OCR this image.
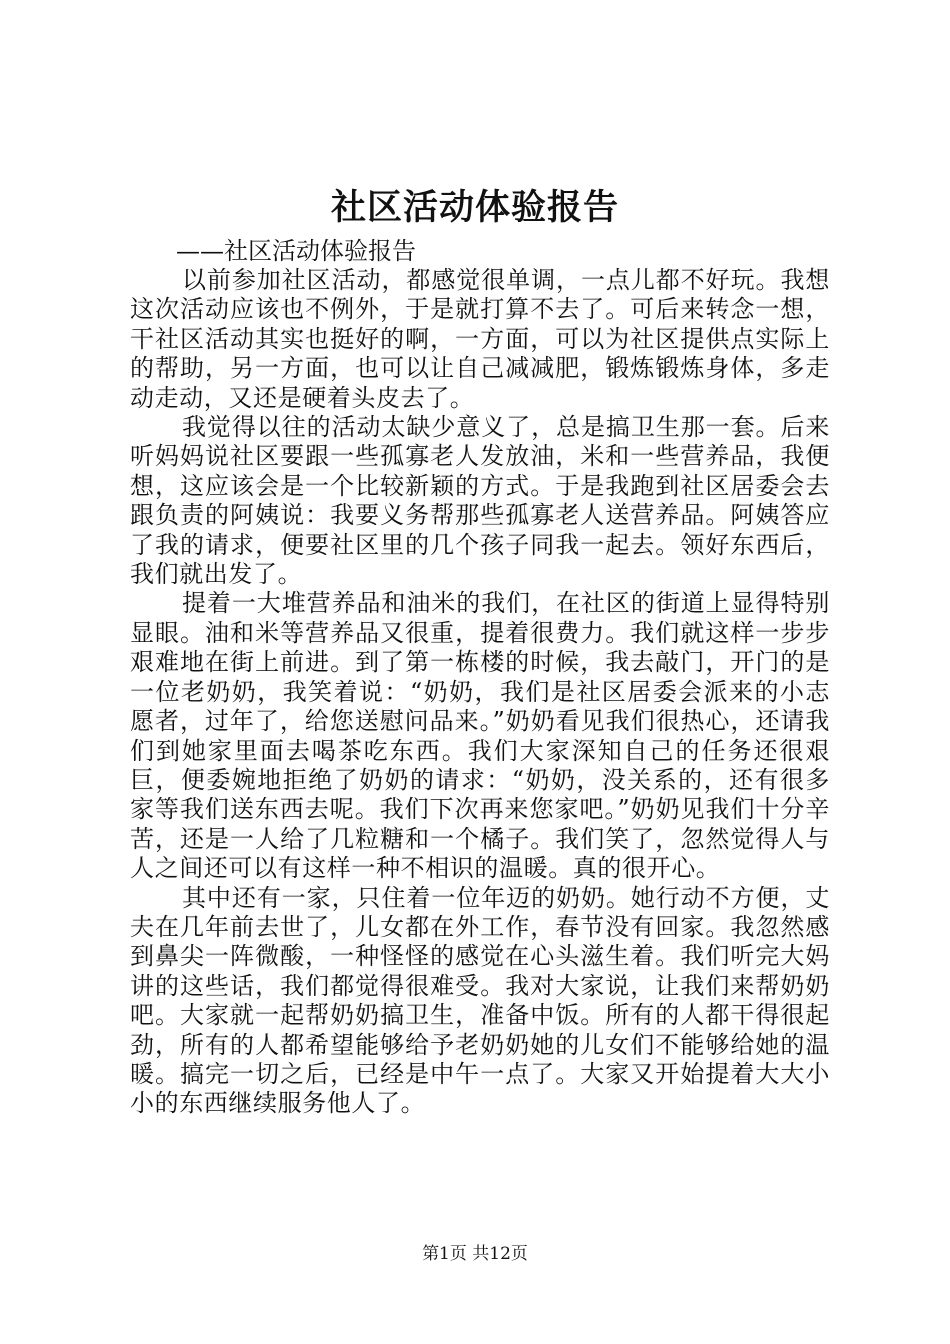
社区活动体验报告

——社区活动体验报告

以前参加社区活动，都感觉很单调，一点儿都不好玩。我想这次活动应该也不例外，于是就打算不去了。可后来转念一想，干社区活动其实也挺好的啊，一方面，可以为社区提供点实际上的帮助，另一方面，也可以让自己减减肥，锻炼锻炼身体，多走动走动，又还是硬着头皮去了。

我觉得以往的活动太缺少意义了，总是搞卫生那一套。后来听妈妈说社区要跟一些孤寡老人发放油，米和一些营养品，我便想，这应该会是一个比较新颖的方式。于是我跑到社区居委会去跟负责的阿姨说：我要义务帮那些孤寡老人送营养品。阿姨答应了我的请求，便要社区里的几个孩子同我一起去。领好东西后，我们就出发了。

提着一大堆营养品和油米的我们，在社区的街道上显得特别显眼。油和米等营养品又很重，提着很费力。我们就这样一步步艰难地在街上前进。到了第一栋楼的时候，我去敲门，开门的是一位老奶奶，我笑着说：“奶奶，我们是社区居委会派来的小志愿者，过年了，给您送慰问品来。”奶奶看见我们很热心，还请我们到她家里面去喝茶吃东西。我们大家深知自己的任务还很艰巨，便委婉地拒绝了奶奶的请求：“奶奶，没关系的，还有很多家等我们送东西去呢。我们下次再来您家吧。”奶奶见我们十分辛苦，还是一人给了几粒糖和一个橘子。我们笑了，忽然觉得人与人之间还可以有这样一种不相识的温暖。真的很开心。

其中还有一家，只住着一位年迈的奶奶。她行动不方便，丈夫在几年前去世了，儿女都在外工作，春节没有回家。我忽然感到鼻尖一阵微酸，一种怪怪的感觉在心头滋生着。我们听完大妈讲的这些话，我们都觉得很难受。我对大家说，让我们来帮奶奶吧。大家就一起帮奶奶搞卫生，准备中饭。所有的人都干得很起劲，所有的人都希望能够给予老奶奶她的儿女们不能够给她的温暖。搞完一切之后，已经是中午一点了。大家又开始提着大大小小的东西继续服务他人了。

第1页 共12页
